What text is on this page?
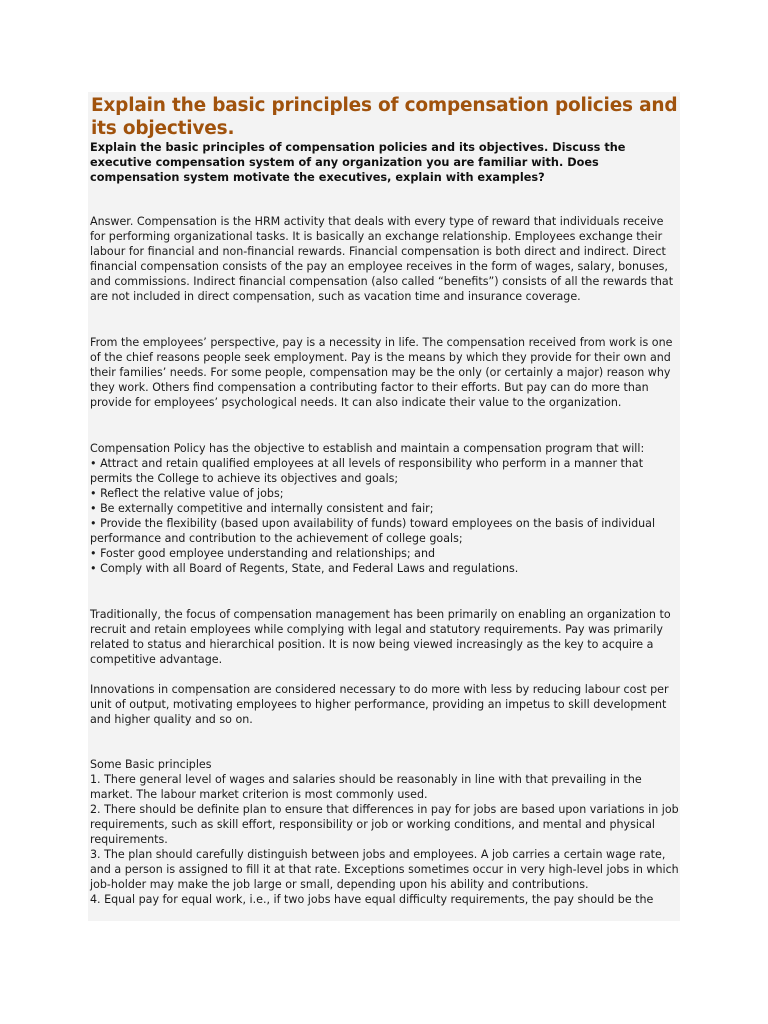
Explain the basic principles of compensation policies and its objectives.

Explain the basic principles of compensation policies and its objectives. Discuss the executive compensation system of any organization you are familiar with. Does compensation system motivate the executives, explain with examples?

Answer. Compensation is the HRM activity that deals with every type of reward that individuals receive for performing organizational tasks. It is basically an exchange relationship. Employees exchange their labour for financial and non-financial rewards. Financial compensation is both direct and indirect. Direct financial compensation consists of the pay an employee receives in the form of wages, salary, bonuses, and commissions. Indirect financial compensation (also called “benefits”) consists of all the rewards that are not included in direct compensation, such as vacation time and insurance coverage.

From the employees’ perspective, pay is a necessity in life. The compensation received from work is one of the chief reasons people seek employment. Pay is the means by which they provide for their own and their families’ needs. For some people, compensation may be the only (or certainly a major) reason why they work. Others find compensation a contributing factor to their efforts. But pay can do more than provide for employees’ psychological needs. It can also indicate their value to the organization.

Compensation Policy has the objective to establish and maintain a compensation program that will:
• Attract and retain qualified employees at all levels of responsibility who perform in a manner that permits the College to achieve its objectives and goals;
• Reflect the relative value of jobs;
• Be externally competitive and internally consistent and fair;
• Provide the flexibility (based upon availability of funds) toward employees on the basis of individual performance and contribution to the achievement of college goals;
• Foster good employee understanding and relationships; and
• Comply with all Board of Regents, State, and Federal Laws and regulations.

Traditionally, the focus of compensation management has been primarily on enabling an organization to recruit and retain employees while complying with legal and statutory requirements. Pay was primarily related to status and hierarchical position. It is now being viewed increasingly as the key to acquire a competitive advantage.

Innovations in compensation are considered necessary to do more with less by reducing labour cost per unit of output, motivating employees to higher performance, providing an impetus to skill development and higher quality and so on.

Some Basic principles
1. There general level of wages and salaries should be reasonably in line with that prevailing in the market. The labour market criterion is most commonly used.
2. There should be definite plan to ensure that differences in pay for jobs are based upon variations in job requirements, such as skill effort, responsibility or job or working conditions, and mental and physical requirements.
3. The plan should carefully distinguish between jobs and employees. A job carries a certain wage rate, and a person is assigned to fill it at that rate. Exceptions sometimes occur in very high-level jobs in which job-holder may make the job large or small, depending upon his ability and contributions.
4. Equal pay for equal work, i.e., if two jobs have equal difficulty requirements, the pay should be the
